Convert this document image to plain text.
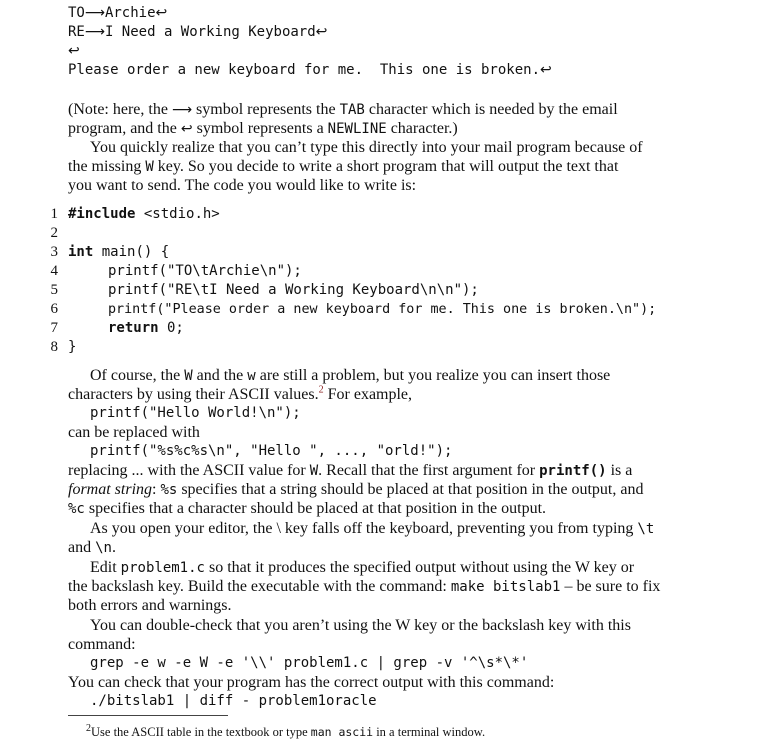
TO⟶Archie↩
RE⟶I Need a Working Keyboard↩
↩
Please order a new keyboard for me.  This one is broken.↩
(Note: here, the ⟶ symbol represents the TAB character which is needed by the email
program, and the ↩ symbol represents a NEWLINE character.)
You quickly realize that you can’t type this directly into your mail program because of
the missing W key. So you decide to write a short program that will output the text that
you want to send. The code you would like to write is:
1
2
3
4
5
6
7
8
#include <stdio.h>
int main() {
printf("TO\tArchie\n");
printf("RE\tI Need a Working Keyboard\n\n");
printf("Please order a new keyboard for me. This one is broken.\n");
return 0;
}
Of course, the W and the w are still a problem, but you realize you can insert those
characters by using their ASCII values.$^2$ For example,
printf("Hello World!\n");
can be replaced with
printf("%s%c%s\n", "Hello ", ..., "orld!");
replacing ... with the ASCII value for W. Recall that the first argument for printf() is a
format string: %s specifies that a string should be placed at that position in the output, and
%c specifies that a character should be placed at that position in the output.
As you open your editor, the \ key falls off the keyboard, preventing you from typing \t
and \n.
Edit problem1.c so that it produces the specified output without using the W key or
the backslash key. Build the executable with the command: make bitslab1 – be sure to fix
both errors and warnings.
You can double-check that you aren’t using the W key or the backslash key with this
command:
grep -e w -e W -e '\\' problem1.c | grep -v '^\s*\*'
You can check that your program has the correct output with this command:
./bitslab1 | diff - problem1oracle
$^2$Use the ASCII table in the textbook or type man ascii in a terminal window.
